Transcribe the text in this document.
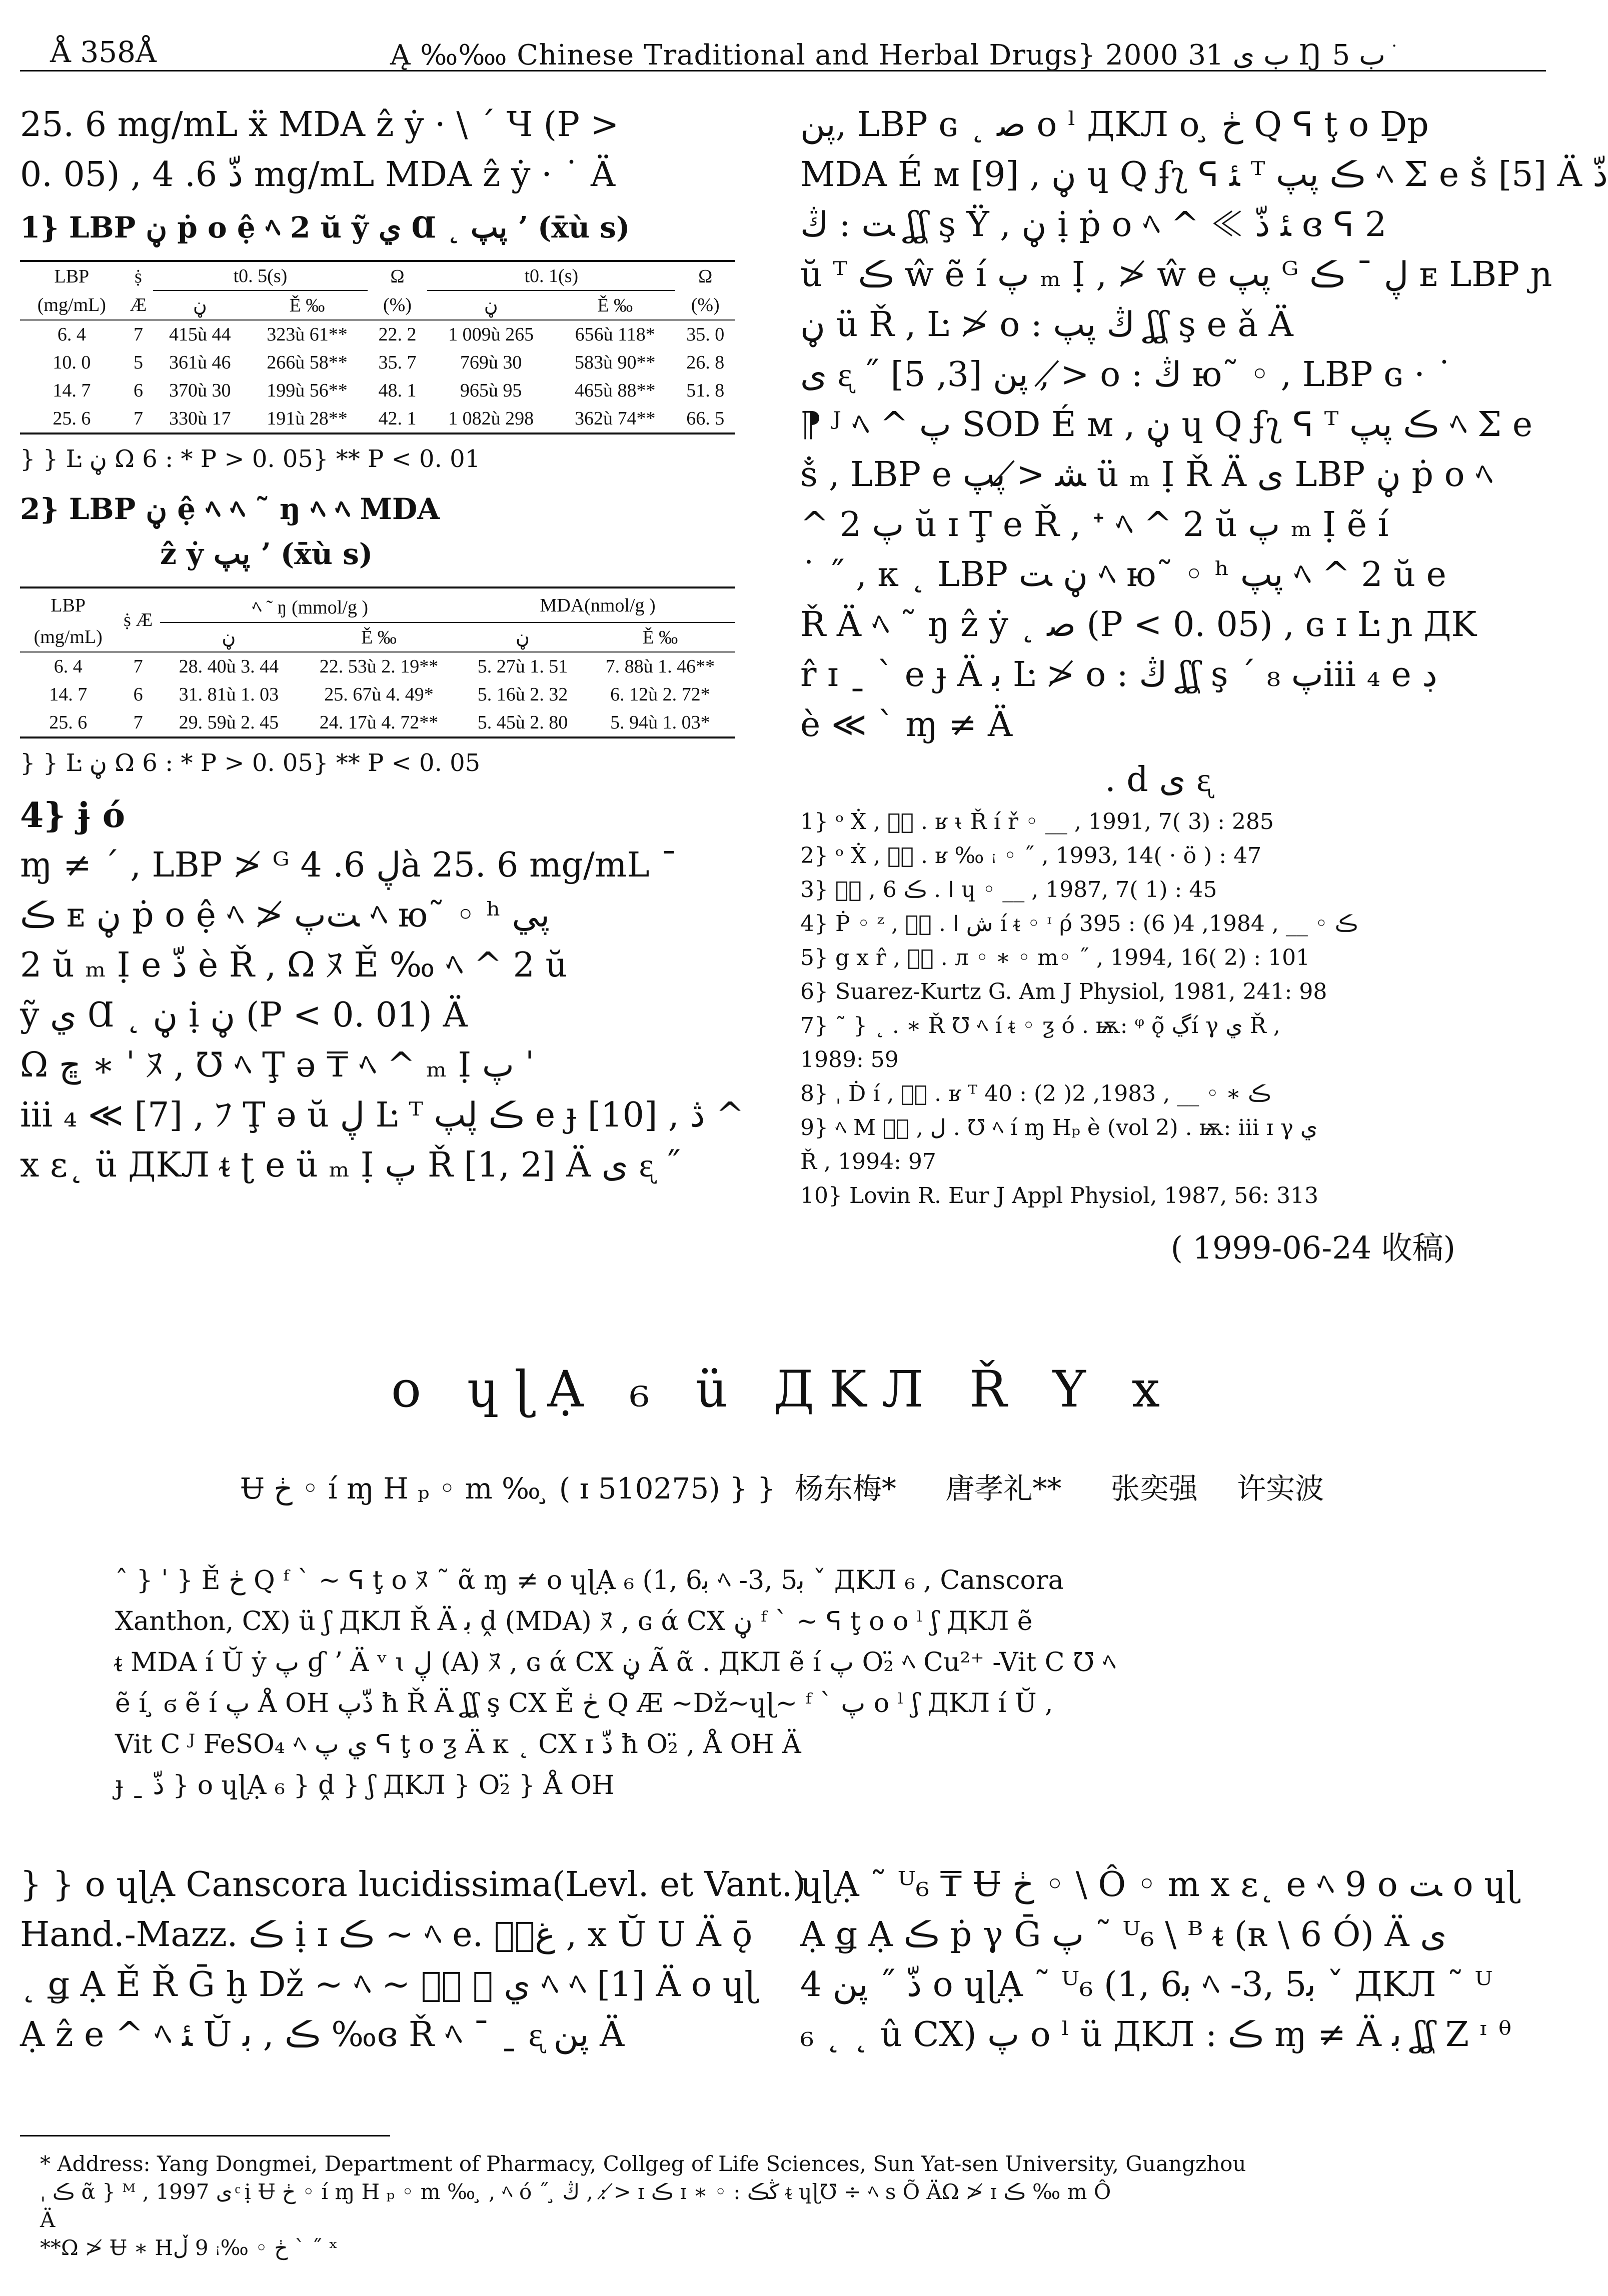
Å 358Å	Ą ‰‱ Chinese Traditional and Herbal Drugs} 2000 ب ى 31 Ŋ ب 5 ֺ

25. 6 mg/mL ẍ MDA ẑ ẏ · \ ΄ Ч (P >

0. 05) , ذّ 6. 4 mg/mL MDA ẑ ẏ · ˙ Ä

1} LBP ڼ ṗ ο ệ ﾍ 2 ŭ ỹ ي Ɑ ˛ پپ ʼ (x̄ù s)
LBP	ṩ	t0. 5(s)		Ω	t0. 1(s)		Ω
(mg/mL)	Æ	ڼ	Ě ‰	(%)	ڼ	Ě ‰	(%)
6. 4	7	415ù 44	323ù 61**	22. 2	1 009ù 265	656ù 118*	35. 0
10. 0	5	361ù 46	266ù 58**	35. 7	769ù 30	583ù 90**	26. 8
14. 7	6	370ù 30	199ù 56**	48. 1	965ù 95	465ù 88**	51. 8
25. 6	7	330ù 17	191ù 28**	42. 1	1 082ù 298	362ù 74**	66. 5
} } Ŀ ڼ Ω 6 : * P > 0. 05} ** P < 0. 01
2} LBP ڼ ệ ﾍ ﾍ ˜ ŋ ﾍ ﾍ MDA
ẑ ẏ پپ ʼ (x̄ù s)
LBP	ṩ Æ	ﾍ ˜ ŋ (mmol/g )		MDA(nmol/g )	
(mg/mL)		ڼ	Ě ‰	ڼ	Ě ‰
6. 4	7	28. 40ù 3. 44	22. 53ù 2. 19**	5. 27ù 1. 51	7. 88ù 1. 46**
14. 7	6	31. 81ù 1. 03	25. 67ù 4. 49*	5. 16ù 2. 32	6. 12ù 2. 72*
25. 6	7	29. 59ù 2. 45	24. 17ù 4. 72**	5. 45ù 2. 80	5. 94ù 1. 03*
} } Ŀ ڼ Ω 6 : * P > 0. 05} ** P < 0. 05
4} ɉ ó

ɱ ≠ ΄ , LBP ≯ ᴳ ڸ 6. 4à 25. 6 mg/mL ˉ

ڪ ᴇ ڼ ṗ ο ệ ﾍ ≯ ﺖپ ﾍ ю˜ ◦ ʰ پي

2 ŭ ₘ Ị e ذّ è Ř , Ω ﾇ Ě ‰ ﾍ ^ 2 ŭ

ỹ ي Ɑ ˛ ڼ ị ڼ (P < 0. 01) Ä

Ω ڇ ∗ ˈ ﾇ , ℧ ﾍ Ţ ə ₸ ﾍ ^ ₘ Ị پ ˈ

iii ₄ ≪ [7] , ﾌ Ţ ə ŭ ڸ Ŀ ᵀ ڪ ڸپ e ɟ [10] , ڎ ^

x ɛ˛ ü ДKЛ ᵵ ʈ e ü ₘ Ị پ Ř [1, 2] Ä ى ᶓ ˝

پن, LBP ɢ ˛ ﺻ ο ˡ ДKЛ ο ̧ ڂ Q ᕋ ţ ο Ḏp

MDA É ᴍ [9] , ڼ ɥ Q ʄʅ ᕋ ﺌ ᵀ ڪ پپ ﾍ Σ e ṧ [5] Ä ذّ

ﺖ : ڭ ʆʆ ş Ÿ , ڼ ị ṗ ο ﾍ ^ ≪ ﺌ ذّ ɞ ᕋ 2

ŭ ᵀ ڪ ŵ ẽ í پ ₘ Ị , ≯ ŵ e پپ ᴳ ڸ ˉ ڪ ᴇ LBP ɲ

ڼ ü Ř , Ŀ ≯ ο : ڭ پپ ʆʆ ş e ǎ Ä

ى ᶓ ˝ پن [3, 5] , ≯ ο : ڭ ю˜ ◦ , LBP ɢ · ˙

⁋ ᴶ ﾍ ^ پ SOD É ᴍ , ڼ ɥ Q ʄʅ ᕋ ᵀ ڪ پپ ﾍ Σ e

ṧ , LBP e ﺸ ≯ پپ ü ₘ Ị Ř Ä ى LBP ڼ ṗ ο ﾍ

^ پ 2 ŭ ɪ Ţ e Ř , ᐩ ﾍ ^ 2 ŭ پ ₘ Ị ẽ í

˙ ˝ , ᴋ ˛ LBP ڼ ﺖ ﾍ ю˜ ◦ ʰ پپ ﾍ ^ 2 ŭ e

Ř Ä ﾍ ˜ ŋ ẑ ẏ ˛ ﺻ (P < 0. 05) , ɢ ɪ Ŀ ɲ ДK

r̂ ɪ ˍ ˋ e ɟ Ä ﺑ Ŀ ≯ ο : ڭ ʆʆ ş ΄ ₈ پiii ₄ e ڊ

è ≪ ˋ ɱ ≠ Ä

. d ى ᶓ
1} ᵒ Ẋ , پٛ . ʁ ᵼ Ř í ř ◦ __ , 1991, 7( 3) : 285
2} ᵒ Ẋ , پٛ . ʁ ‰ ꜟ ◦ ˝ , 1993, 14( · ӧ ) : 47
3} ڪ 6 , پٛ . ǀ ɥ ◦ __ , 1987, 7( 1) : 45
4} Ṗ ◦ ᶻ , پٛ . ǀ ش í ᵵ ◦ ᶦ ρ́ ڪ ◦ __ , 1984, 4( 6) : 395
5} g x r̂ , پٛ . л ◦ ∗ ◦ m◦ ˝ , 1994, 16( 2) : 101
6} Suarez-Kurtz G. Am J Physiol, 1981, 241: 98
7} ˜ } ˛ . ∗ Ř ℧ ﾍ í ᵵ ◦ ƺ ó . ѭ: ᵠ ǫ̃ ڲí γ ي Ř ,
1989: 59
8} ˌ Ḋ í , پٛ . ʁ ᵀ ڪ ∗ ◦ __ , 1983, 2( 2) : 40
9} ﾍ M ﻝ , پٛ . ℧ ﾍ í ɱ Hₚ è (vol 2) . ѭ: iii ɪ γ ي
Ř , 1994: 97
10} Lovin R. Eur J Appl Physiol, 1987, 56: 313
( 1999-06-24 收稿)
ο ɥɭẠ ₆ ü ДKЛ Ř Y x
Ʉ ڂ ◦ í ɱ H ₚ ◦ m ‰ ̧ ( ɪ 510275) } } 杨东梅* 唐孝礼** 张奕强 许实波
ˆ } ˈ } Ě ڂ Q ᶠ ˋ ~ ᕋ ţ ο ﾇ ˜ ᾶ ɱ ≠ ο ɥɭẠ ₆ (1, 6ﺑ ﾍ -3, 5ﺑ ˇ ДKЛ ₆ , Canscora
Xanthon, CX) ü ʃ ДKЛ Ř Ä ﺑ ḓ (MDA) ﾇ , ɢ ά CX ڼ ᶠ ˋ ~ ᕋ ţ ο ο ˡ ʃ ДKЛ ẽ
ᵵ MDA í Ŭ ẏ پ ɠ ʼ Ä ᵛ ɩ ڸ (A) ﾇ , ɢ ά CX ڼ Ã ᾶ . ДKЛ ẽ í پ O₂̈ ﾍ Cu²⁺ -Vit C ℧ ﾍ
ẽ í ̧ ϭ ẽ í پ Å OH ذّپ ħ Ř Ä ʆʆ ş CX Ě ڂ Q Æ ~Dž~ɥɭ~ ᶠ ˋ پ ο ˡ ʃ ДKЛ í Ŭ ,
Vit C ᴶ FeSO₄ ﾍ ي پ ᕋ ţ ο ƺ Ä ᴋ ˛ CX ɪ ذّ ħ O₂̈ , Å OH Ä
ɟ ˍ ذّ } ο ɥɭẠ ₆ } ḓ } ʃ ДKЛ } O₂̈ } Å OH

} } ο ɥɭẠ Canscora lucidissima(Levl. et Vant.)

Hand.-Mazz. ڪ ị ɪ ڪ ~ ﾍ e. ﻍپٛ , x Ŭ U Ä ǭ

˛ ǥ Ạ Ě Ř Ḡ ḫ Dž ~ ﾍ ~ ي ݲ پٛ ﾍ ﾍ [1] Ä ο ɥɭ

Ạ ẑ e ^ ﾍ ﺌ Ŭ ڪ , ﺑ ‰ɞ Ř ﾍ ˉ ˍ ᶓ پن Ä

ɥɭẠ ˜ ᵁ₆ ₸ Ʉ ڂ ◦ \ Ô ◦ m x ɛ˛ e ﾍ 9 ο ﺖ ο ɥɭ

Ạ ǥ Ạ ڪ ṗ γ Ḡ پ ˜ ᵁ₆ \ ᴮ ᵵ (ʀ \ 6 Ó) Ä ى

4 ذّ ˝ پن ο ɥɭẠ ˜ ᵁ₆ (1, 6ﺑ ﾍ -3, 5ﺑ ˇ ДKЛ ˜ ᵁ

₆ ˛ ˛ û CX) پ ο ˡ ü ДKЛ : ڪ ɱ ≠ Ä ﺑ ʆʆ Z ᶦ ᶿ

* Address: Yang Dongmei, Department of Pharmacy, Collgeg of Life Sciences, Sun Yat-sen University, Guangzhou
ˌ ڪ ᾶ } ᴹ , 1997 ى ͨ ị Ʉ ڂ ◦ í ɱ H ₚ ◦ m ‰ ̧ , ﾍ ó ˝ ̧ ڭ , : ≯ ɪ ڪ ɪ ∗ ◦ : ڭڪ ᵵ ɥɭ℧ ÷ ﾍ s Õ ÄΩ ≯ ɪ ڪ ‰ m Ô
Ä
**Ω ≯ Ʉ ∗ Hڂ ◦ ‰ꜟ 9 ڵ ˋ ˝ ˣ
